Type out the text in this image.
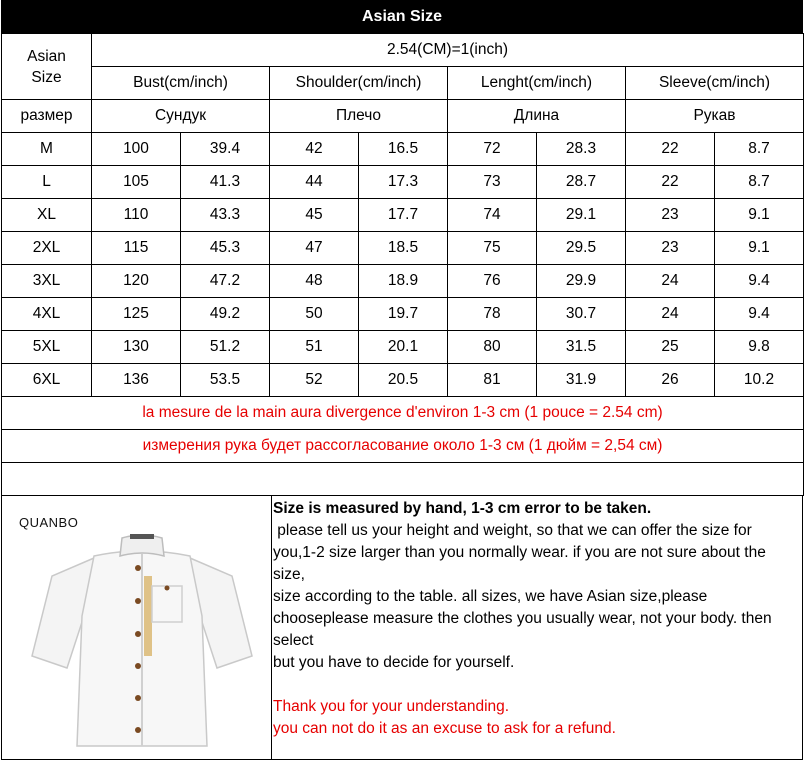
Asian Size
Asian Size	2.54(CM)=1(inch)							
	Bust(cm/inch)		Shoulder(cm/inch)		Lenght(cm/inch)		Sleeve(cm/inch)	
размер	Сундук		Плечо		Длина		Рукав	
M	100	39.4	42	16.5	72	28.3	22	8.7
L	105	41.3	44	17.3	73	28.7	22	8.7
XL	110	43.3	45	17.7	74	29.1	23	9.1
2XL	115	45.3	47	18.5	75	29.5	23	9.1
3XL	120	47.2	48	18.9	76	29.9	24	9.4
4XL	125	49.2	50	19.7	78	30.7	24	9.4
5XL	130	51.2	51	20.1	80	31.5	25	9.8
6XL	136	53.5	52	20.5	81	31.9	26	10.2
la mesure de la main aura divergence d'environ 1-3 cm (1 pouce = 2.54 cm)								
измерения рука будет рассогласование около 1-3 см (1 дюйм = 2,54 см)								

QUANBO

Size is measured by hand, 1-3 cm error to be taken.

please tell us your height and weight, so that we can offer the size for

you,1-2 size larger than you normally wear. if you are not sure about the

size,

size according to the table. all sizes, we have Asian size,please

choosepleasе measure the clothes you usually wear, not your body. then

select

but you have to decide for yourself.

Thank you for your understanding.

you can not do it as an excuse to ask for a refund.
